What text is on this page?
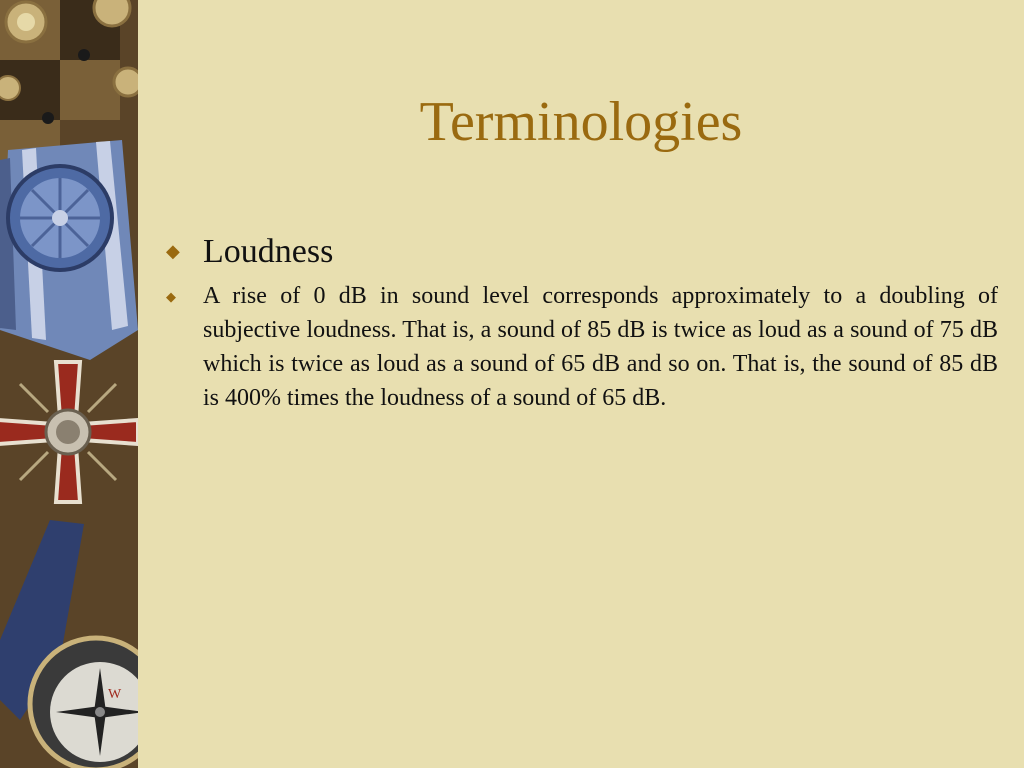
W
Terminologies
◆ Loudness
◆ A rise of 0 dB in sound level corresponds approximately to a doubling of subjective loudness. That is, a sound of 85 dB is twice as loud as a sound of 75 dB which is twice as loud as a sound of 65 dB and so on. That is, the sound of 85 dB is 400% times the loudness of a sound of 65 dB.
